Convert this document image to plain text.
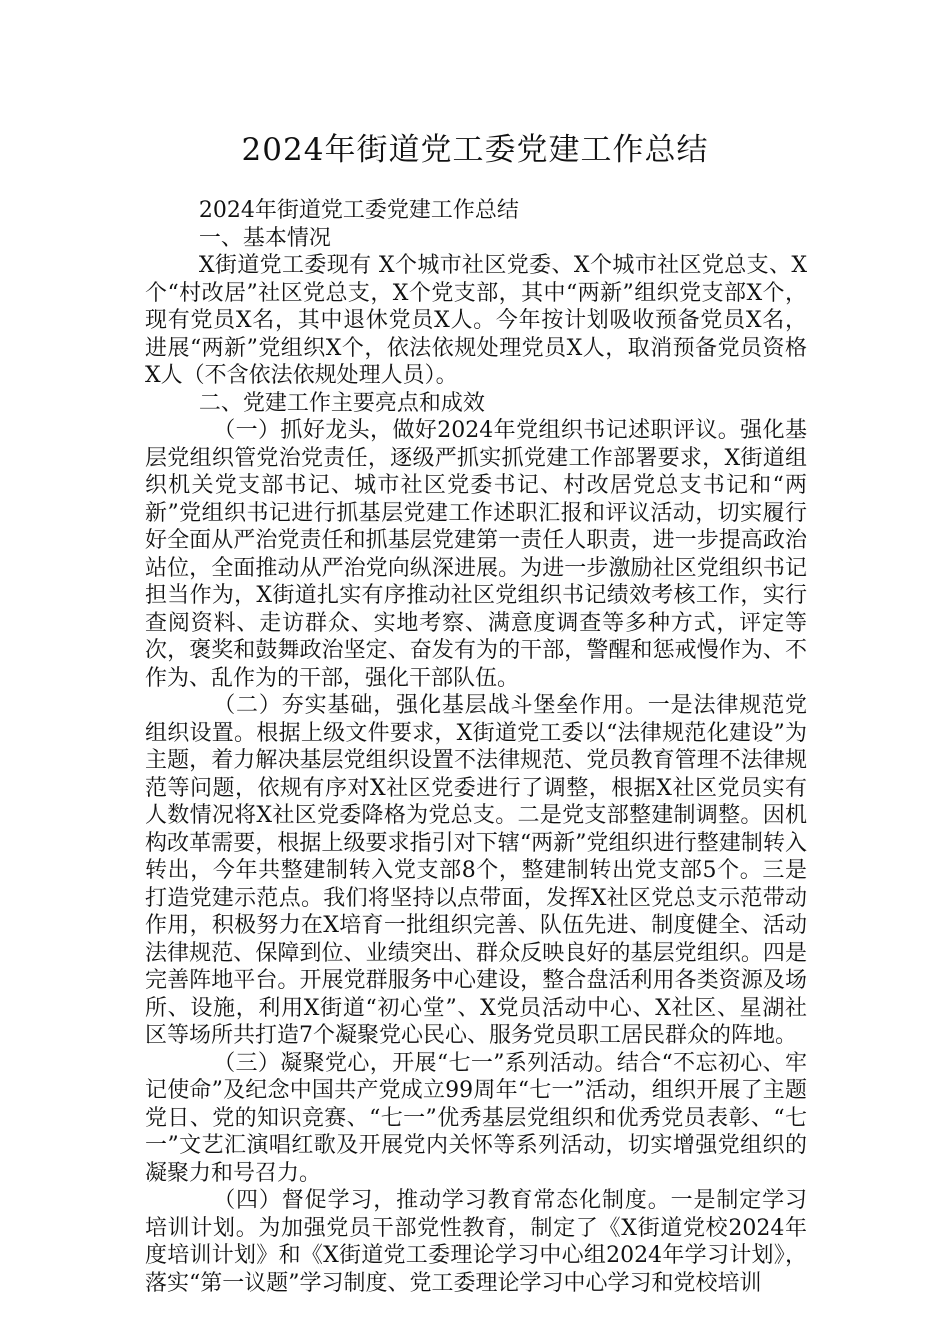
2024年街道党工委党建工作总结

2024年街道党工委党建工作总结

一、基本情况

X街道党工委现有 X个城市社区党委、X个城市社区党总支、X个“村改居”社区党总支，X个党支部，其中“两新”组织党支部X个，现有党员X名，其中退休党员X人。今年按计划吸收预备党员X名，进展“两新”党组织X个，依法依规处理党员X人，取消预备党员资格X人（不含依法依规处理人员）。

二、党建工作主要亮点和成效

（一）抓好龙头，做好2024年党组织书记述职评议。强化基层党组织管党治党责任，逐级严抓实抓党建工作部署要求，X街道组织机关党支部书记、城市社区党委书记、村改居党总支书记和“两新”党组织书记进行抓基层党建工作述职汇报和评议活动，切实履行好全面从严治党责任和抓基层党建第一责任人职责，进一步提高政治站位，全面推动从严治党向纵深进展。为进一步激励社区党组织书记担当作为，X街道扎实有序推动社区党组织书记绩效考核工作，实行查阅资料、走访群众、实地考察、满意度调查等多种方式，评定等次，褒奖和鼓舞政治坚定、奋发有为的干部，警醒和惩戒慢作为、不作为、乱作为的干部，强化干部队伍。

（二）夯实基础，强化基层战斗堡垒作用。一是法律规范党组织设置。根据上级文件要求，X街道党工委以“法律规范化建设”为主题，着力解决基层党组织设置不法律规范、党员教育管理不法律规范等问题，依规有序对X社区党委进行了调整，根据X社区党员实有人数情况将X社区党委降格为党总支。二是党支部整建制调整。因机构改革需要，根据上级要求指引对下辖“两新”党组织进行整建制转入转出，今年共整建制转入党支部8个，整建制转出党支部5个。三是打造党建示范点。我们将坚持以点带面，发挥X社区党总支示范带动作用，积极努力在X培育一批组织完善、队伍先进、制度健全、活动法律规范、保障到位、业绩突出、群众反映良好的基层党组织。四是完善阵地平台。开展党群服务中心建设，整合盘活利用各类资源及场所、设施，利用X街道“初心堂”、X党员活动中心、X社区、星湖社区等场所共打造7个凝聚党心民心、服务党员职工居民群众的阵地。

（三）凝聚党心，开展“七一”系列活动。结合“不忘初心、牢记使命”及纪念中国共产党成立99周年“七一”活动，组织开展了主题党日、党的知识竞赛、“七一”优秀基层党组织和优秀党员表彰、“七一”文艺汇演唱红歌及开展党内关怀等系列活动，切实增强党组织的凝聚力和号召力。

（四）督促学习，推动学习教育常态化制度。一是制定学习培训计划。为加强党员干部党性教育，制定了《X街道党校2024年度培训计划》和《X街道党工委理论学习中心组2024年学习计划》，落实“第一议题”学习制度、党工委理论学习中心学习和党校培训
